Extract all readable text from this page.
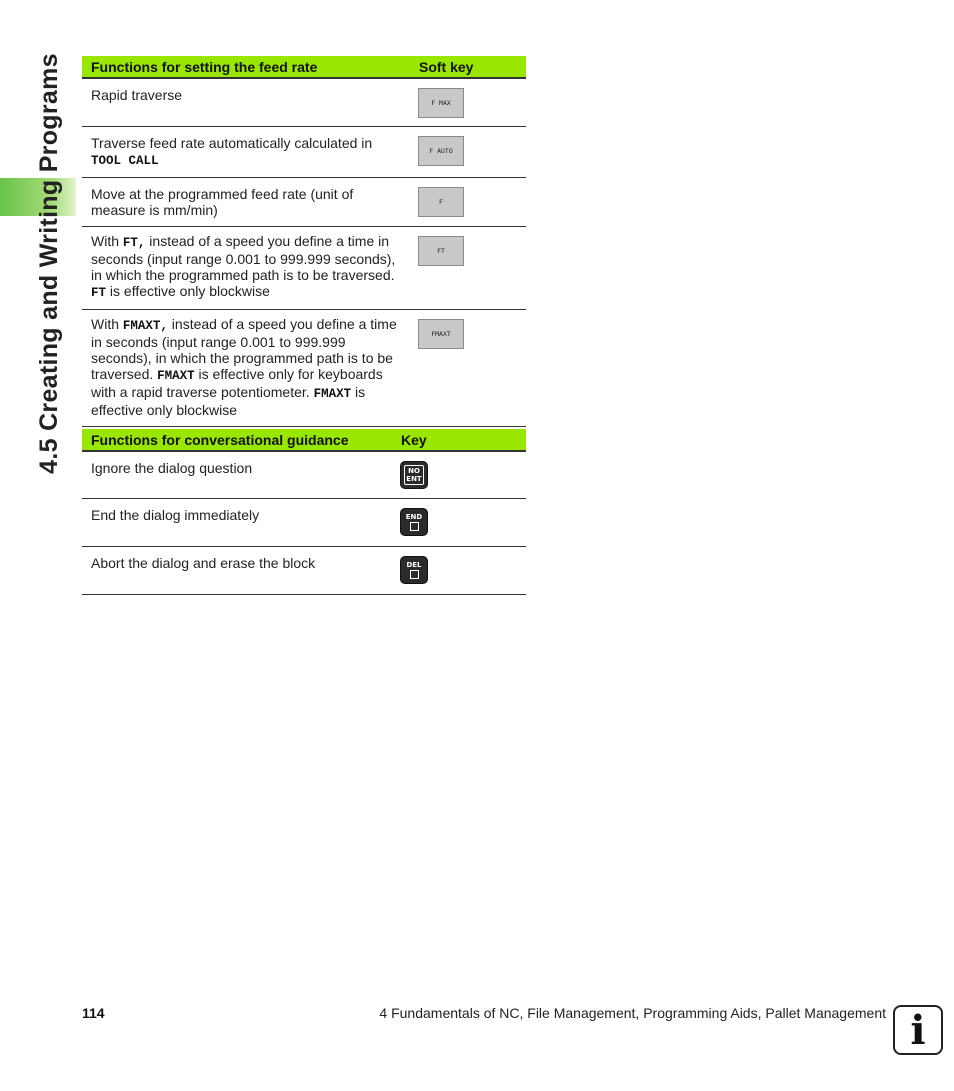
4.5 Creating and Writing Programs Functions for setting the feed rate	Soft key
Rapid traverse	F MAX

Traverse feed rate automatically calculated in
TOOL CALL	F AUTO

Move at the programmed feed rate (unit of measure is mm/min)	F

With FT, instead of a speed you define a time in seconds (input range 0.001 to 999.999 seconds), in which the programmed path is to be traversed. FT is effective only blockwise	FT

With FMAXT, instead of a speed you define a time in seconds (input range 0.001 to 999.999 seconds), in which the programmed path is to be traversed. FMAXT is effective only for keyboards with a rapid traverse potentiometer. FMAXT is effective only blockwise	FMAXT
Functions for conversational guidance	Key
Ignore the dialog question	NO
ENT

End the dialog immediately	END

Abort the dialog and erase the block	DEL
114	4 Fundamentals of NC, File Management, Programming Aids, Pallet Management i
